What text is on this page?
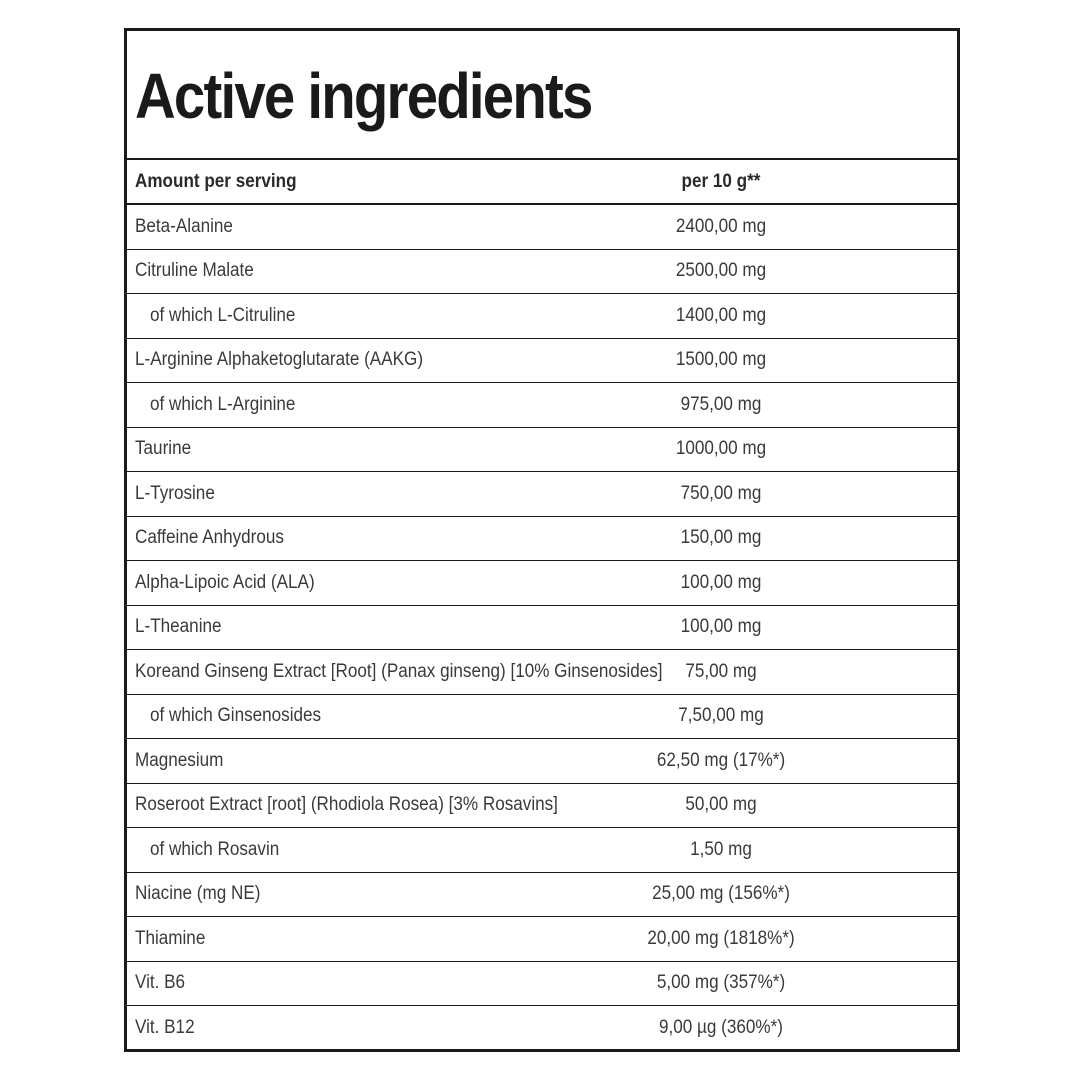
Active ingredients
Amount per serving	per 10 g**
Beta-Alanine	2400,00 mg
Citruline Malate	2500,00 mg
of which L-Citruline	1400,00 mg
L-Arginine Alphaketoglutarate (AAKG)	1500,00 mg
of which L-Arginine	975,00 mg
Taurine	1000,00 mg
L-Tyrosine	750,00 mg
Caffeine Anhydrous	150,00 mg
Alpha-Lipoic Acid (ALA)	100,00 mg
L-Theanine	100,00 mg
Koreand Ginseng Extract [Root] (Panax ginseng) [10% Ginsenosides]	75,00 mg
of which Ginsenosides	7,50,00 mg
Magnesium	62,50 mg (17%*)
Roseroot Extract [root] (Rhodiola Rosea) [3% Rosavins]	50,00 mg
of which Rosavin	1,50 mg
Niacine (mg NE)	25,00 mg (156%*)
Thiamine	20,00 mg (1818%*)
Vit. B6	5,00 mg (357%*)
Vit. B12	9,00 µg (360%*)
